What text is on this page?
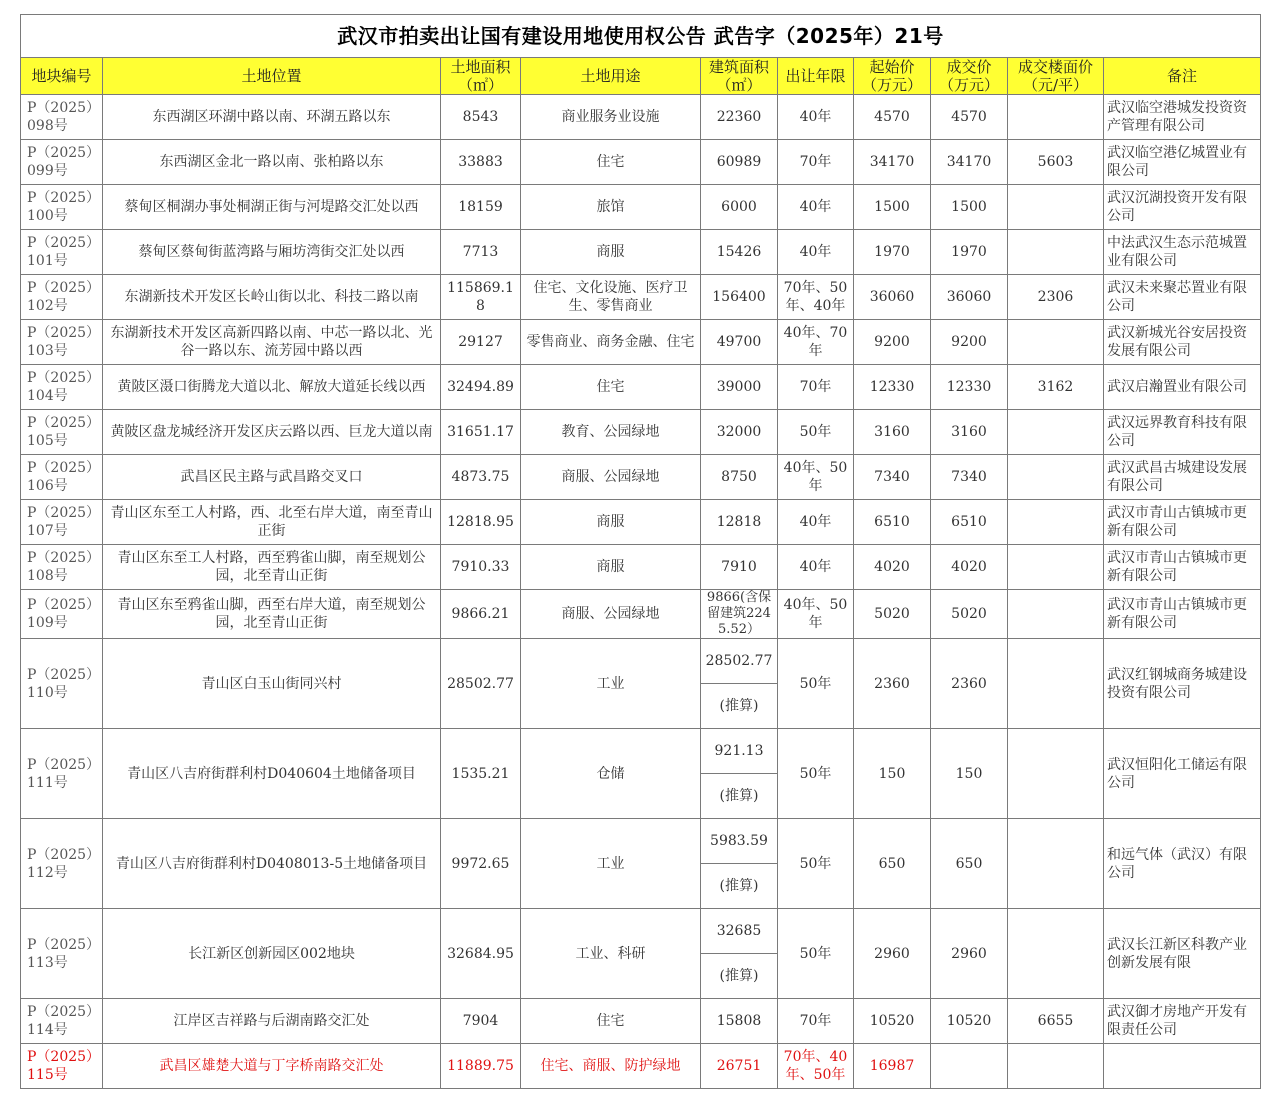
武汉市拍卖出让国有建设用地使用权公告 武告字（2025年）21号									
地块编号	土地位置	土地面积（㎡）	土地用途	建筑面积（㎡）	出让年限	起始价（万元）	成交价（万元）	成交楼面价（元/平）	备注
P（2025）098号	东西湖区环湖中路以南、环湖五路以东	8543	商业服务业设施	22360	40年	4570	4570		武汉临空港城发投资资产管理有限公司
P（2025）099号	东西湖区金北一路以南、张柏路以东	33883	住宅	60989	70年	34170	34170	5603	武汉临空港亿城置业有限公司
P（2025）100号	蔡甸区桐湖办事处桐湖正街与河堤路交汇处以西	18159	旅馆	6000	40年	1500	1500		武汉沉湖投资开发有限公司
P（2025）101号	蔡甸区蔡甸街蓝湾路与厢坊湾街交汇处以西	7713	商服	15426	40年	1970	1970		中法武汉生态示范城置业有限公司
P（2025）102号	东湖新技术开发区长岭山街以北、科技二路以南	115869.18	住宅、文化设施、医疗卫生、零售商业	156400	70年、50年、40年	36060	36060	2306	武汉未来聚芯置业有限公司
P（2025）103号	东湖新技术开发区高新四路以南、中芯一路以北、光谷一路以东、流芳园中路以西	29127	零售商业、商务金融、住宅	49700	40年、70年	9200	9200		武汉新城光谷安居投资发展有限公司
P（2025）104号	黄陂区滠口街腾龙大道以北、解放大道延长线以西	32494.89	住宅	39000	70年	12330	12330	3162	武汉启瀚置业有限公司
P（2025）105号	黄陂区盘龙城经济开发区庆云路以西、巨龙大道以南	31651.17	教育、公园绿地	32000	50年	3160	3160		武汉远界教育科技有限公司
P（2025）106号	武昌区民主路与武昌路交叉口	4873.75	商服、公园绿地	8750	40年、50年	7340	7340		武汉武昌古城建设发展有限公司
P（2025）107号	青山区东至工人村路，西、北至右岸大道，南至青山正街	12818.95	商服	12818	40年	6510	6510		武汉市青山古镇城市更新有限公司
P（2025）108号	青山区东至工人村路，西至鸦雀山脚，南至规划公园，北至青山正街	7910.33	商服	7910	40年	4020	4020		武汉市青山古镇城市更新有限公司
P（2025）109号	青山区东至鸦雀山脚，西至右岸大道，南至规划公园，北至青山正街	9866.21	商服、公园绿地	9866(含保留建筑2245.52）	40年、50年	5020	5020		武汉市青山古镇城市更新有限公司
P（2025）110号	青山区白玉山街同兴村	28502.77	工业	28502.77	50年	2360	2360		武汉红钢城商务城建设投资有限公司
				(推算)					
P（2025）111号	青山区八吉府街群利村D040604土地储备项目	1535.21	仓储	921.13	50年	150	150		武汉恒阳化工储运有限公司
				(推算)					
P（2025）112号	青山区八吉府街群利村D0408013-5土地储备项目	9972.65	工业	5983.59	50年	650	650		和远气体（武汉）有限公司
				(推算)					
P（2025）113号	长江新区创新园区002地块	32684.95	工业、科研	32685	50年	2960	2960		武汉长江新区科教产业创新发展有限
				(推算)					
P（2025）114号	江岸区吉祥路与后湖南路交汇处	7904	住宅	15808	70年	10520	10520	6655	武汉御才房地产开发有限责任公司
P（2025）115号	武昌区雄楚大道与丁字桥南路交汇处	11889.75	住宅、商服、防护绿地	26751	70年、40年、50年	16987			
